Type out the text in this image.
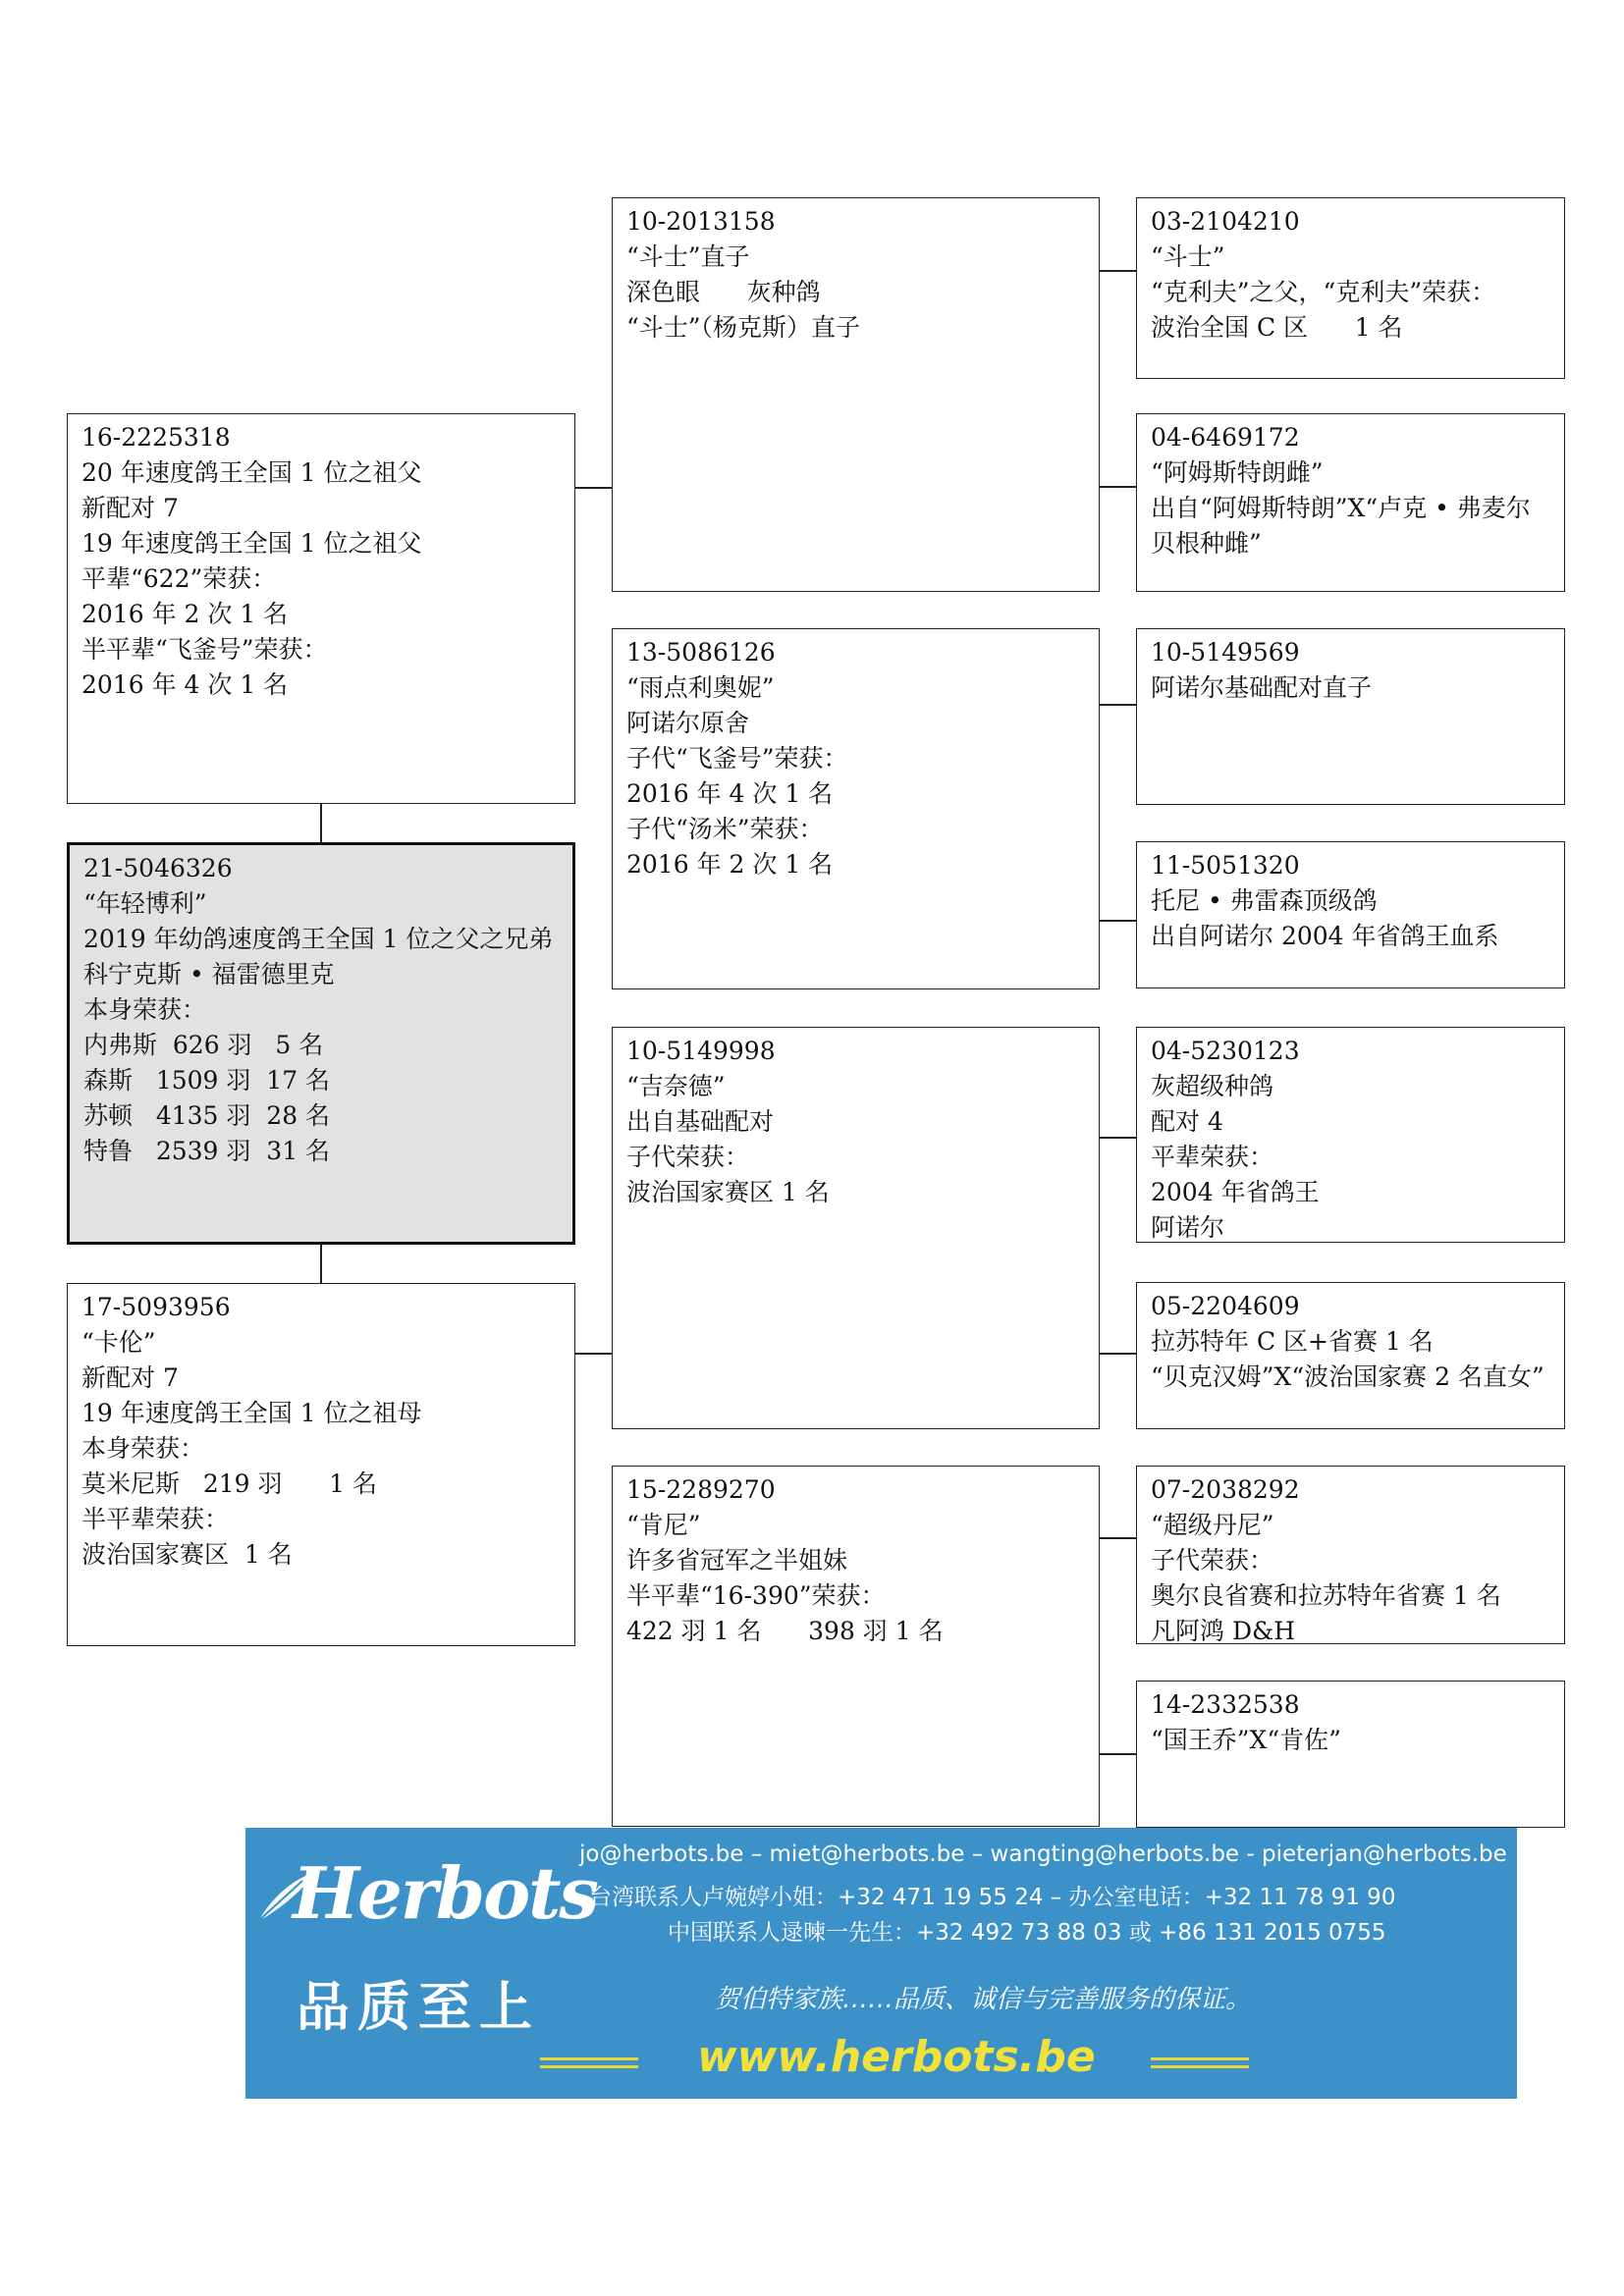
21-5046326

“年轻博利”

2019 年幼鸽速度鸽王全国 1 位之父之兄弟

科宁克斯 • 福雷德里克

本身荣获：

内弗斯  626 羽   5 名

森斯   1509 羽  17 名

苏顿   4135 羽  28 名

特鲁   2539 羽  31 名

16-2225318

20 年速度鸽王全国 1 位之祖父

新配对 7

19 年速度鸽王全国 1 位之祖父

平辈“622”荣获：

2016 年 2 次 1 名

半平辈“飞釜号”荣获：

2016 年 4 次 1 名

17-5093956

“卡伦”

新配对 7

19 年速度鸽王全国 1 位之祖母

本身荣获：

莫米尼斯   219 羽      1 名

半平辈荣获：

波治国家赛区  1 名

10-2013158

“斗士”直子

深色眼      灰种鸽

“斗士”（杨克斯）直子

13-5086126

“雨点利奥妮”

阿诺尔原舍

子代“飞釜号”荣获：

2016 年 4 次 1 名

子代“汤米”荣获：

2016 年 2 次 1 名

10-5149998

“吉奈德”

出自基础配对

子代荣获：

波治国家赛区 1 名

15-2289270

“肯尼”

许多省冠军之半姐妹

半平辈“16-390”荣获：

422 羽 1 名      398 羽 1 名

03-2104210

“斗士”

“克利夫”之父，“克利夫”荣获：

波治全国 C 区      1 名

04-6469172

“阿姆斯特朗雌”

出自“阿姆斯特朗”X“卢克 • 弗麦尔贝根种雌”

10-5149569

阿诺尔基础配对直子

11-5051320

托尼 • 弗雷森顶级鸽

出自阿诺尔 2004 年省鸽王血系

04-5230123

灰超级种鸽

配对 4

平辈荣获：

2004 年省鸽王

阿诺尔

05-2204609

拉苏特年 C 区+省赛 1 名

“贝克汉姆”X“波治国家赛 2 名直女”

07-2038292

“超级丹尼”

子代荣获：

奥尔良省赛和拉苏特年省赛 1 名

凡阿鸿 D&H

14-2332538

“国王乔”X“肯佐”

Herbots
品质至上
jo@herbots.be – miet@herbots.be – wangting@herbots.be - pieterjan@herbots.be
台湾联系人卢婉婷小姐：+32 471 19 55 24 – 办公室电话：+32 11 78 91 90
中国联系人逯暕一先生：+32 492 73 88 03 或 +86 131 2015 0755
贺伯特家族……品质、诚信与完善服务的保证。
www.herbots.be
